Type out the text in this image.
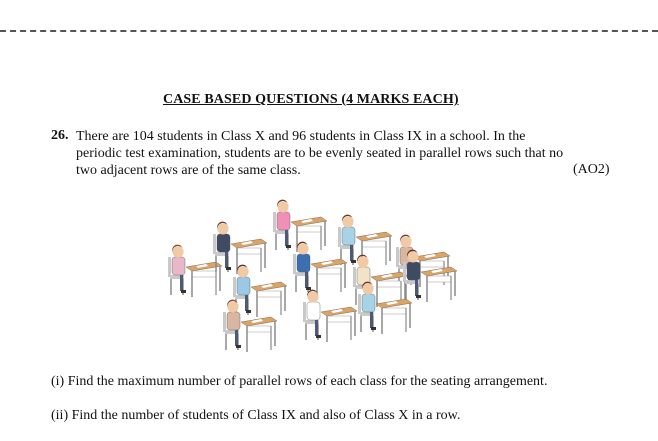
CASE BASED QUESTIONS (4 MARKS EACH)
26. There are 104 students in Class X and 96 students in Class IX in a school. In the
periodic test examination, students are to be evenly seated in parallel rows such that no
two adjacent rows are of the same class.	(AO2)
(i) Find the maximum number of parallel rows of each class for the seating arrangement.
(ii) Find the number of students of Class IX and also of Class X in a row.
